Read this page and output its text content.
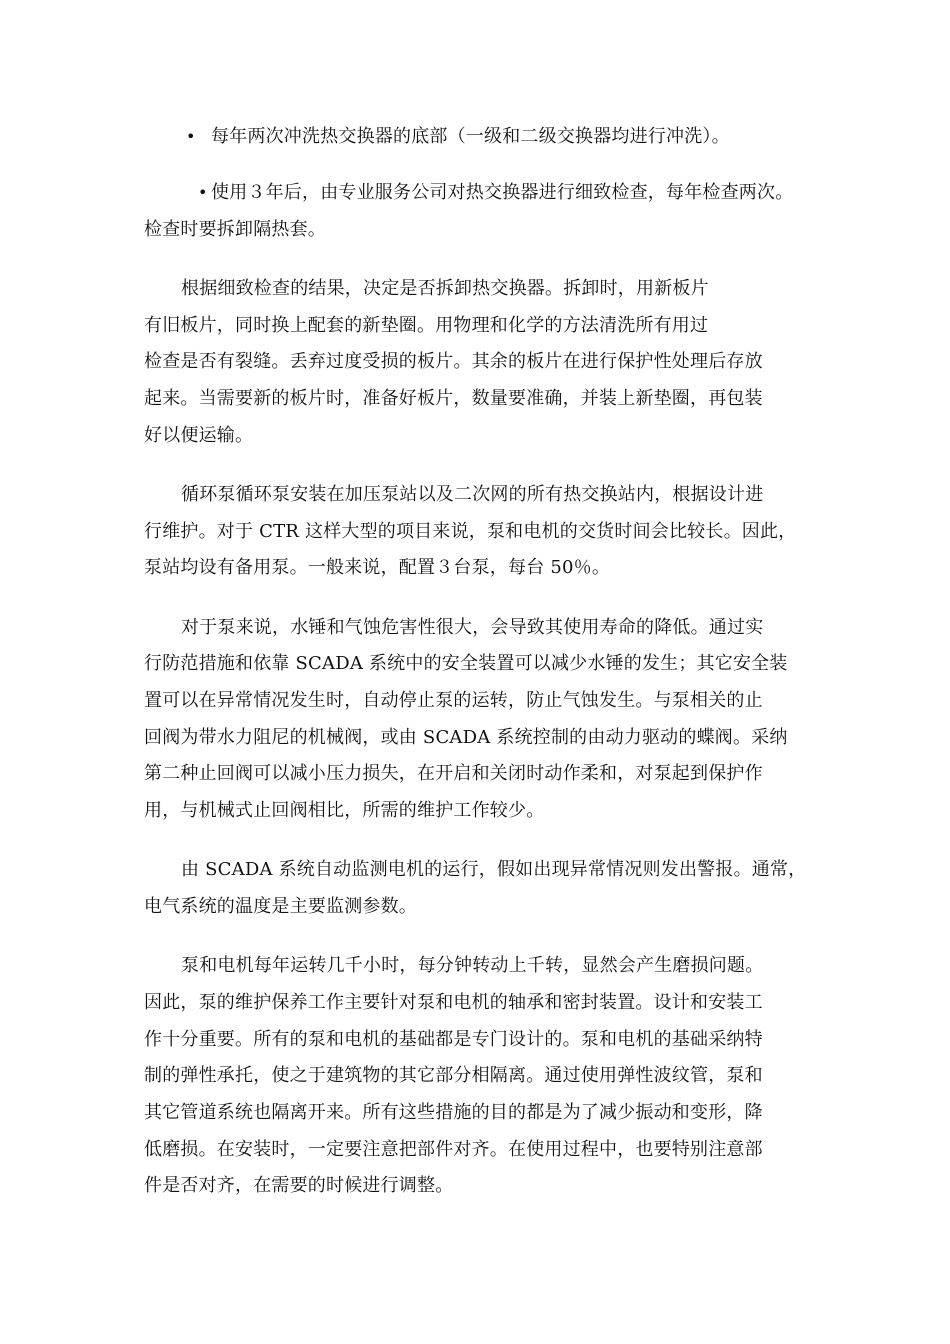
• 每年两次冲洗热交换器的底部（一级和二级交换器均进行冲洗）。
• 使用３年后，由专业服务公司对热交换器进行细致检查，每年检查两次。
检查时要拆卸隔热套。
根据细致检查的结果，决定是否拆卸热交换器。拆卸时，用新板片
有旧板片，同时换上配套的新垫圈。用物理和化学的方法清洗所有用过
检查是否有裂缝。丢弃过度受损的板片。其余的板片在进行保护性处理后存放
起来。当需要新的板片时，准备好板片，数量要准确，并装上新垫圈，再包装
好以便运输。
循环泵循环泵安装在加压泵站以及二次网的所有热交换站内，根据设计进
行维护。对于 CTR 这样大型的项目来说，泵和电机的交货时间会比较长。因此，
泵站均设有备用泵。一般来说，配置３台泵，每台 50％。
对于泵来说，水锤和气蚀危害性很大，会导致其使用寿命的降低。通过实
行防范措施和依靠 SCADA 系统中的安全装置可以减少水锤的发生；其它安全装
置可以在异常情况发生时，自动停止泵的运转，防止气蚀发生。与泵相关的止
回阀为带水力阻尼的机械阀，或由 SCADA 系统控制的由动力驱动的蝶阀。采纳
第二种止回阀可以减小压力损失，在开启和关闭时动作柔和，对泵起到保护作
用，与机械式止回阀相比，所需的维护工作较少。
由 SCADA 系统自动监测电机的运行，假如出现异常情况则发出警报。通常，
电气系统的温度是主要监测参数。
泵和电机每年运转几千小时，每分钟转动上千转，显然会产生磨损问题。
因此，泵的维护保养工作主要针对泵和电机的轴承和密封装置。设计和安装工
作十分重要。所有的泵和电机的基础都是专门设计的。泵和电机的基础采纳特
制的弹性承托，使之于建筑物的其它部分相隔离。通过使用弹性波纹管，泵和
其它管道系统也隔离开来。所有这些措施的目的都是为了减少振动和变形，降
低磨损。在安装时，一定要注意把部件对齐。在使用过程中，也要特别注意部
件是否对齐，在需要的时候进行调整。
